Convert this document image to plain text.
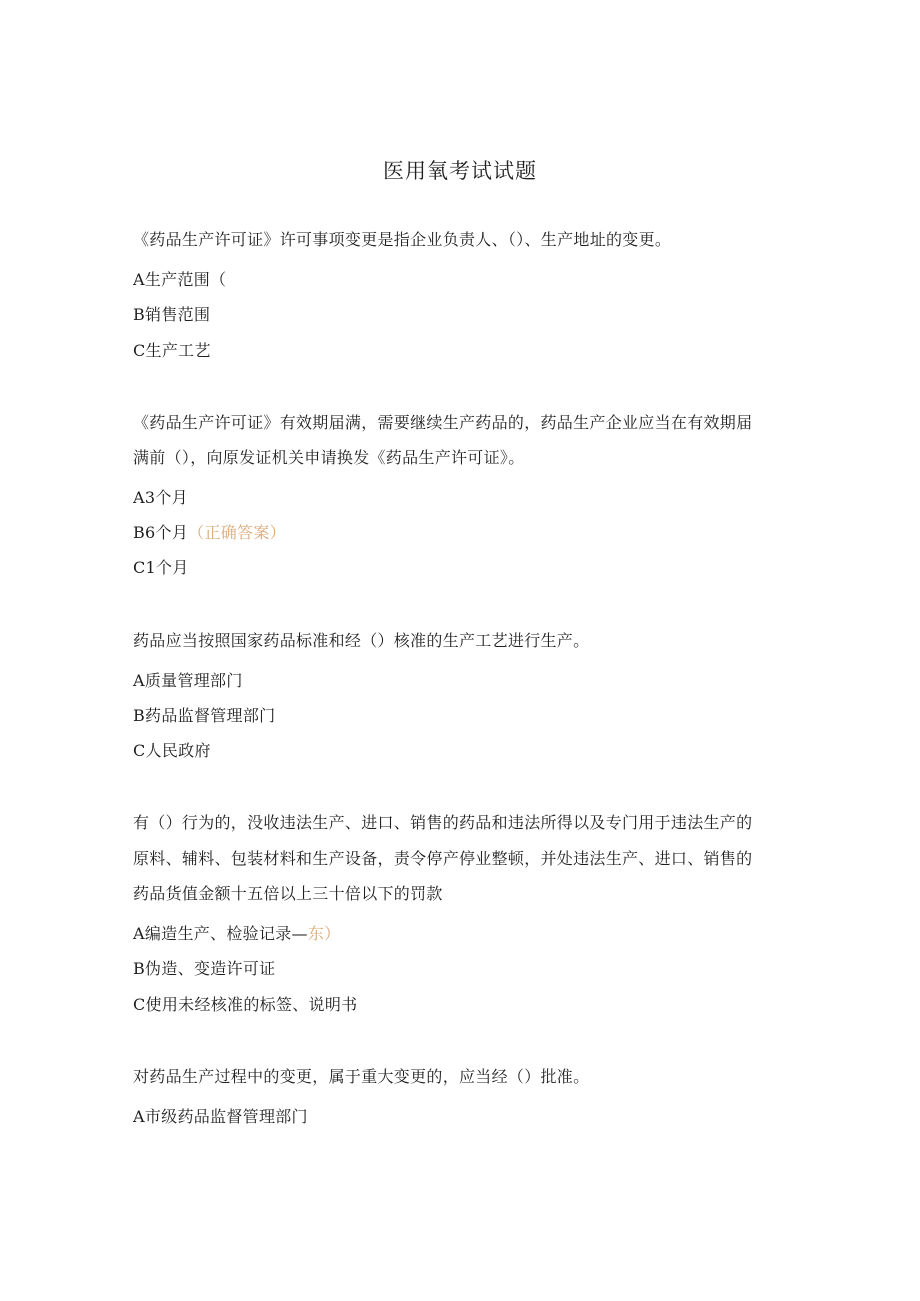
医用氧考试试题
《药品生产许可证》许可事项变更是指企业负责人、（）、生产地址的变更。
A生产范围（
B销售范围
C生产工艺
《药品生产许可证》有效期届满，需要继续生产药品的，药品生产企业应当在有效期届
满前（），向原发证机关申请换发《药品生产许可证》。
A3个月
B6个月（正确答案）
C1个月
药品应当按照国家药品标准和经（）核准的生产工艺进行生产。
A质量管理部门
B药品监督管理部门
C人民政府
有（）行为的，没收违法生产、进口、销售的药品和违法所得以及专门用于违法生产的
原料、辅料、包装材料和生产设备，责令停产停业整顿，并处违法生产、进口、销售的
药品货值金额十五倍以上三十倍以下的罚款
A编造生产、检验记录—东）
B伪造、变造许可证
C使用未经核准的标签、说明书
对药品生产过程中的变更，属于重大变更的，应当经（）批准。
A市级药品监督管理部门
